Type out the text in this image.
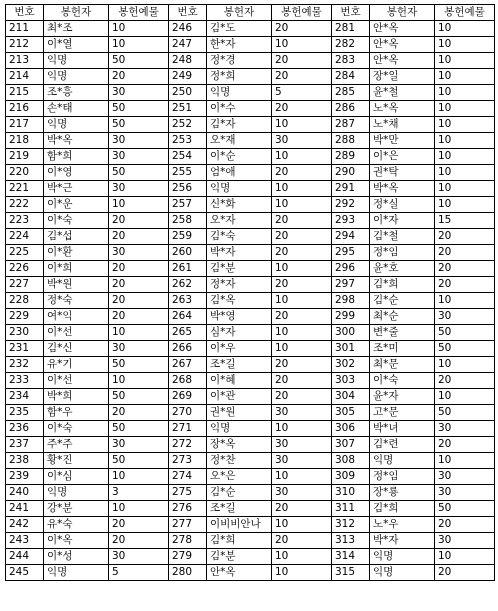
번호	봉헌자	봉헌예물	번호	봉헌자	봉헌예물	번호	봉헌자	봉헌예물
211	최*조	10	246	김*도	20	281	안*옥	10
212	이*열	10	247	한*자	10	282	안*옥	10
213	익명	50	248	정*경	20	283	안*옥	10
214	익명	20	249	정*희	20	284	장*일	10
215	조*흥	30	250	익명	5	285	윤*철	10
216	손*태	50	251	이*수	20	286	노*옥	10
217	익명	50	252	김*자	10	287	노*채	10
218	박*옥	30	253	오*재	30	288	박*만	10
219	함*희	30	254	이*순	10	289	이*은	10
220	이*영	50	255	엄*애	20	290	권*탁	10
221	박*근	30	256	익명	10	291	박*옥	10
222	이*운	10	257	신*화	10	292	정*실	10
223	이*숙	20	258	오*자	20	293	이*자	15
224	김*섭	20	259	김*숙	20	294	김*철	20
225	이*환	30	260	박*자	20	295	정*임	20
226	이*희	20	261	김*분	10	296	윤*호	20
227	박*원	20	262	정*자	20	297	김*희	20
228	정*숙	20	263	김*옥	10	298	김*순	10
229	여*익	20	264	박*영	20	299	최*순	30
230	이*선	10	265	심*자	10	300	변*줄	50
231	김*신	30	266	이*우	10	301	조*미	50
232	유*기	50	267	조*길	20	302	최*문	10
233	이*선	10	268	이*혜	20	303	이*숙	20
234	박*희	50	269	이*관	20	304	윤*자	10
235	함*우	20	270	권*원	30	305	고*문	50
236	이*숙	50	271	익명	10	306	박*녀	30
237	주*주	30	272	장*옥	30	307	김*련	20
238	황*진	50	273	정*찬	30	308	익명	10
239	이*심	10	274	오*은	10	309	정*임	30
240	익명	3	275	김*순	30	310	장*룡	30
241	강*분	10	276	조*길	20	311	김*희	50
242	유*숙	20	277	이비비안나	10	312	노*우	20
243	이*옥	20	278	김*희	20	313	박*자	30
244	이*성	30	279	김*분	10	314	익명	10
245	익명	5	280	안*옥	10	315	익명	20
